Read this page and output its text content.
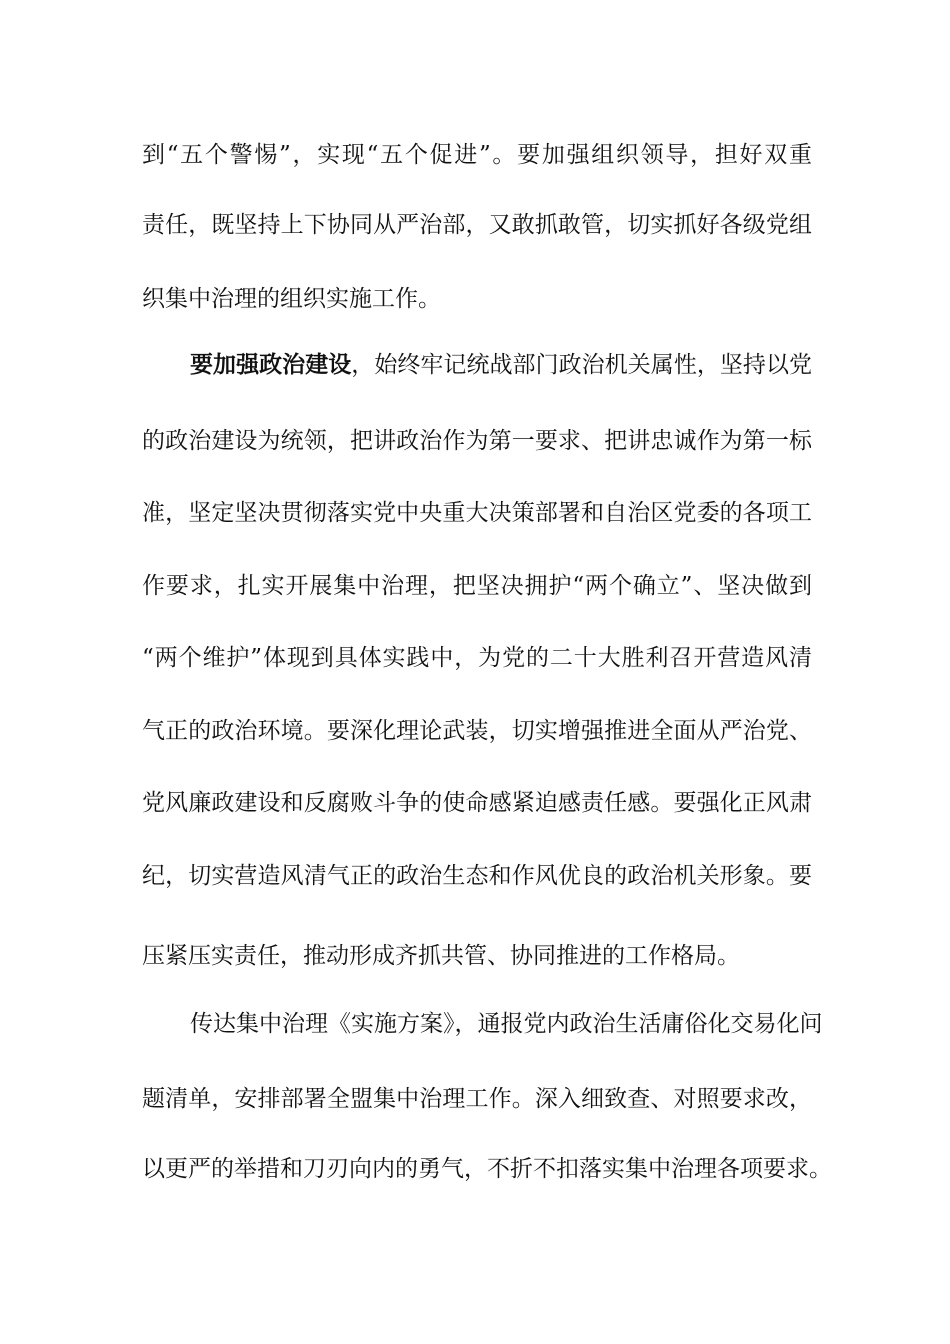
到“五个警惕”，实现“五个促进”。要加强组织领导，担好双重
责任，既坚持上下协同从严治部，又敢抓敢管，切实抓好各级党组
织集中治理的组织实施工作。
要加强政治建设，始终牢记统战部门政治机关属性，坚持以党
的政治建设为统领，把讲政治作为第一要求、把讲忠诚作为第一标
准，坚定坚决贯彻落实党中央重大决策部署和自治区党委的各项工
作要求，扎实开展集中治理，把坚决拥护“两个确立”、坚决做到
“两个维护”体现到具体实践中，为党的二十大胜利召开营造风清
气正的政治环境。要深化理论武装，切实增强推进全面从严治党、
党风廉政建设和反腐败斗争的使命感紧迫感责任感。要强化正风肃
纪，切实营造风清气正的政治生态和作风优良的政治机关形象。要
压紧压实责任，推动形成齐抓共管、协同推进的工作格局。
传达集中治理《实施方案》，通报党内政治生活庸俗化交易化问
题清单，安排部署全盟集中治理工作。深入细致查、对照要求改，
以更严的举措和刀刃向内的勇气，不折不扣落实集中治理各项要求。
